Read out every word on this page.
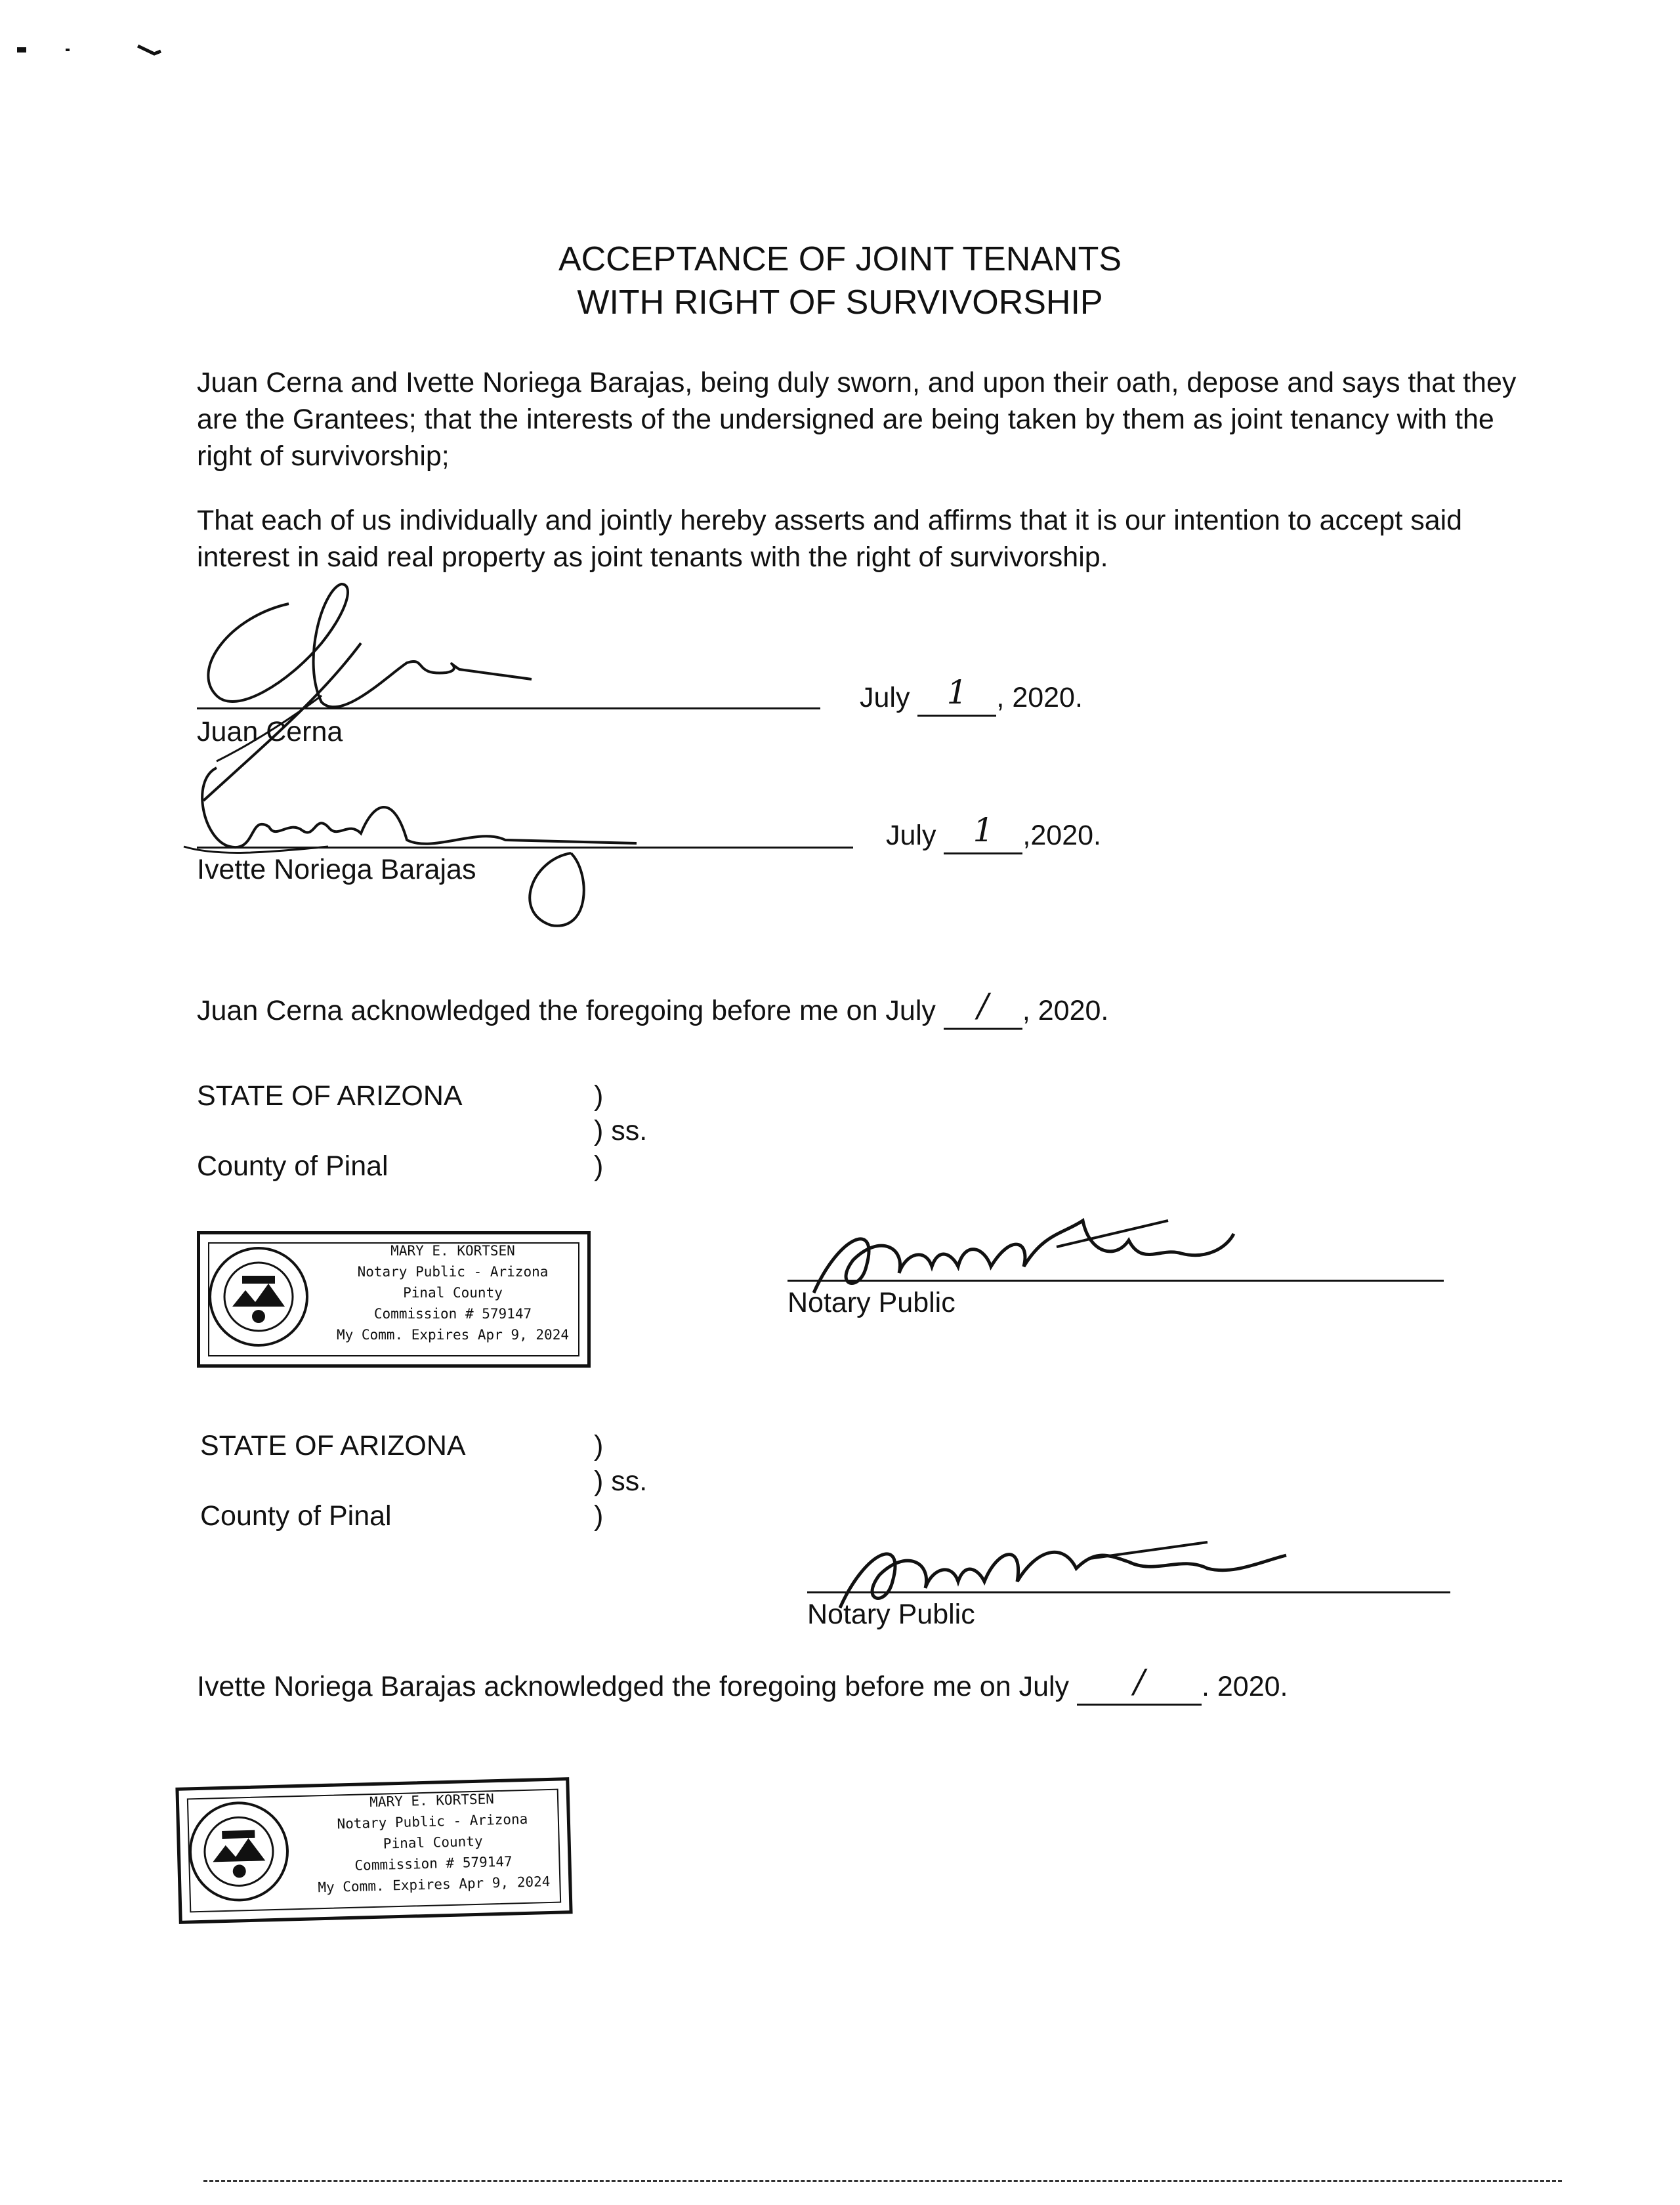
ACCEPTANCE OF JOINT TENANTS
WITH RIGHT OF SURVIVORSHIP
Juan Cerna and Ivette Noriega Barajas, being duly sworn, and upon their oath, depose and says that they are the Grantees; that the interests of the undersigned are being taken by them as joint tenancy with the right of survivorship;
That each of us individually and jointly hereby asserts and affirms that it is our intention to accept said interest in said real property as joint tenants with the right of survivorship.
Juan Cerna
July	1	, 2020.
Ivette Noriega Barajas
July	1	,2020.
Juan Cerna acknowledged the foregoing before me on July	/	, 2020.
STATE OF ARIZONA
County of Pinal
)
) ss.
)
MARY E. KORTSEN
Notary Public - Arizona
Pinal County
Commission # 579147
My Comm. Expires Apr 9, 2024
Notary Public
STATE OF ARIZONA
County of Pinal
)
) ss.
)
Notary Public
Ivette Noriega Barajas acknowledged the foregoing before me on July	/	. 2020.
MARY E. KORTSEN
Notary Public - Arizona
Pinal County
Commission # 579147
My Comm. Expires Apr 9, 2024
